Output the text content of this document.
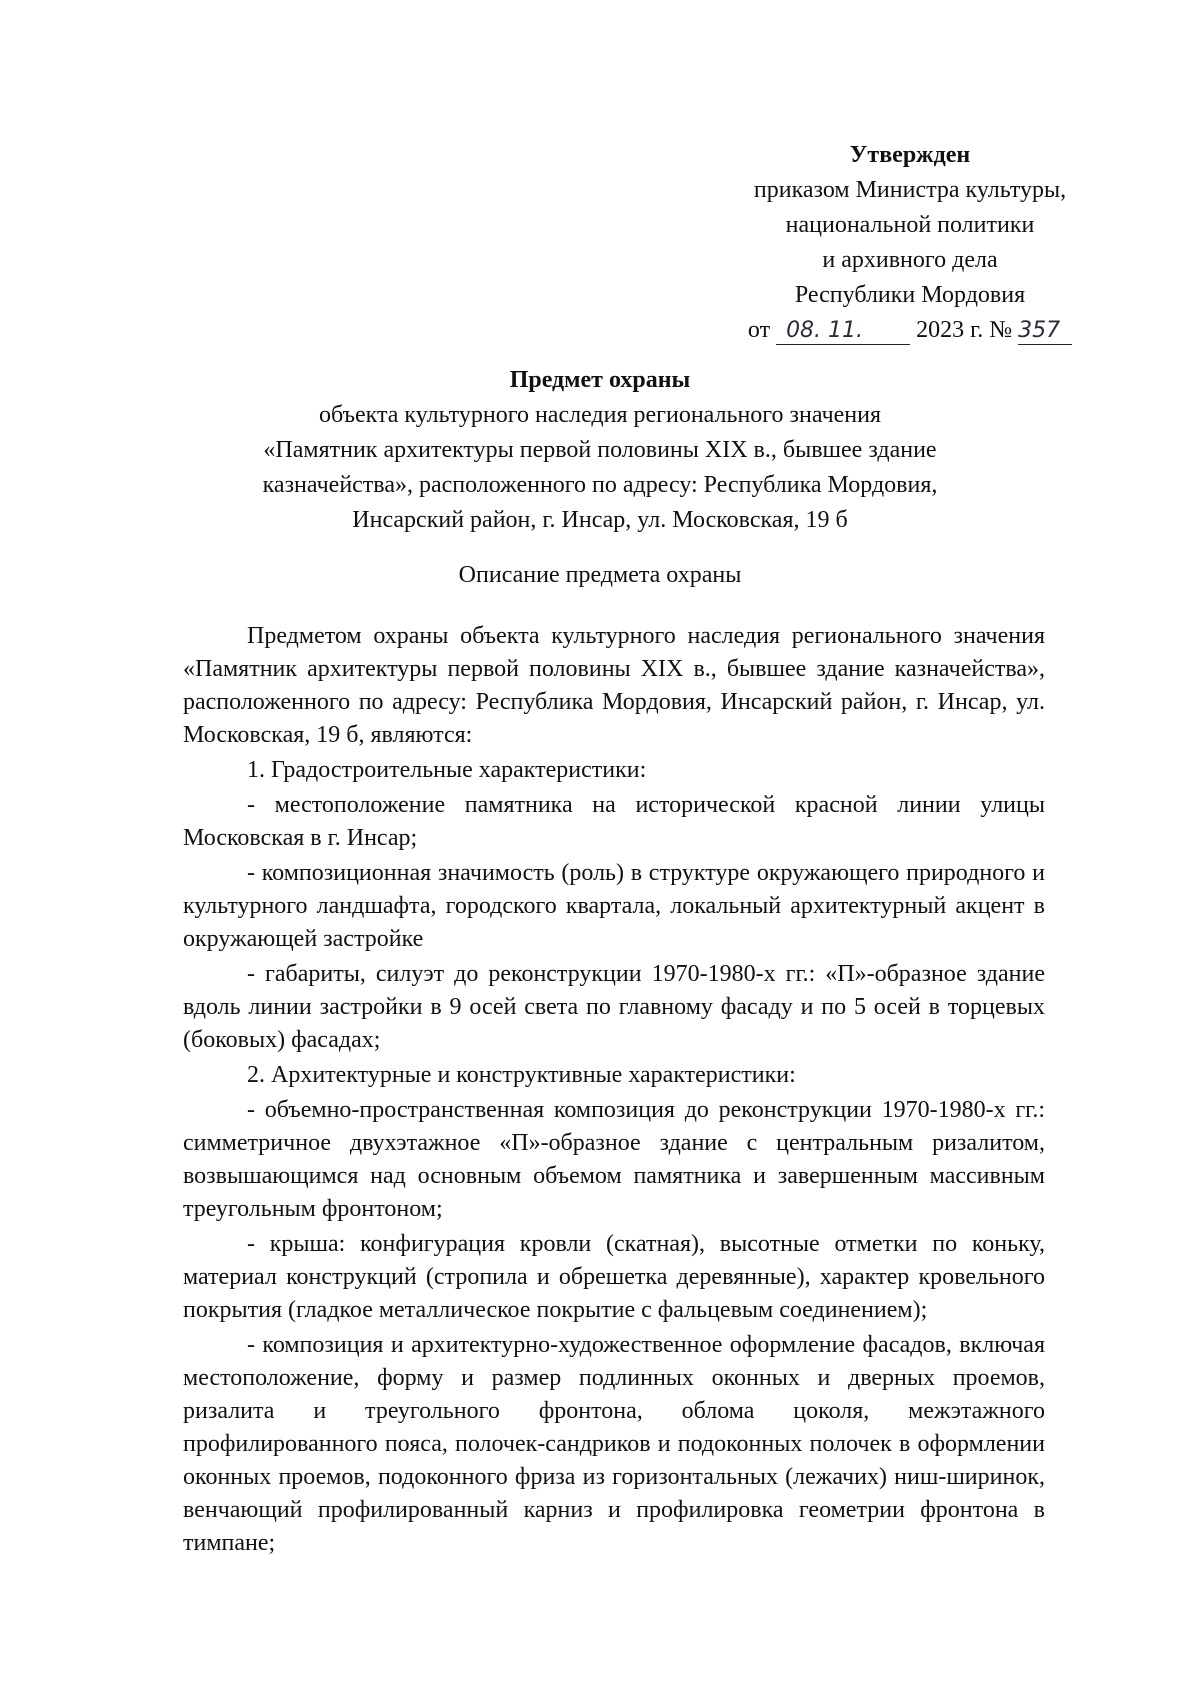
Утвержден
приказом Министра культуры,
национальной политики
и архивного дела
Республики Мордовия
от 08. 11. 2023 г. № 357
Предмет охраны
объекта культурного наследия регионального значения
«Памятник архитектуры первой половины XIX в., бывшее здание
казначейства», расположенного по адресу: Республика Мордовия,
Инсарский район, г. Инсар, ул. Московская, 19 б
Описание предмета охраны

Предметом охраны объекта культурного наследия регионального значения «Памятник архитектуры первой половины XIX в., бывшее здание казначейства», расположенного по адресу: Республика Мордовия, Инсарский район, г. Инсар, ул. Московская, 19 б, являются:

1. Градостроительные характеристики:

- местоположение памятника на исторической красной линии улицы Московская в г. Инсар;

- композиционная значимость (роль) в структуре окружающего природного и культурного ландшафта, городского квартала, локальный архитектурный акцент в окружающей застройке

- габариты, силуэт до реконструкции 1970-1980-х гг.: «П»-образное здание вдоль линии застройки в 9 осей света по главному фасаду и по 5 осей в торцевых (боковых) фасадах;

2. Архитектурные и конструктивные характеристики:

- объемно-пространственная композиция до реконструкции 1970-1980-х гг.: симметричное двухэтажное «П»-образное здание с центральным ризалитом, возвышающимся над основным объемом памятника и завершенным массивным треугольным фронтоном;

- крыша: конфигурация кровли (скатная), высотные отметки по коньку, материал конструкций (стропила и обрешетка деревянные), характер кровельного покрытия (гладкое металлическое покрытие с фальцевым соединением);

- композиция и архитектурно-художественное оформление фасадов, включая местоположение, форму и размер подлинных оконных и дверных проемов, ризалита и треугольного фронтона, облома цоколя, межэтажного профилированного пояса, полочек-сандриков и подоконных полочек в оформлении оконных проемов, подоконного фриза из горизонтальных (лежачих) ниш-ширинок, венчающий профилированный карниз и профилировка геометрии фронтона в тимпане;
